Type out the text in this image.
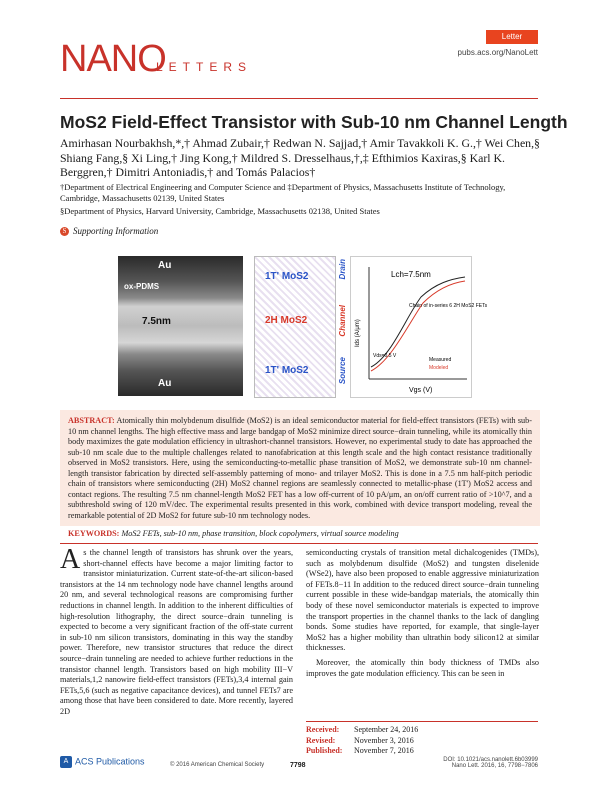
NANO
LETTERS
Letter
pubs.acs.org/NanoLett
MoS2 Field-Effect Transistor with Sub-10 nm Channel Length
Amirhasan Nourbakhsh,*,† Ahmad Zubair,† Redwan N. Sajjad,† Amir Tavakkoli K. G.,† Wei Chen,§ Shiang Fang,§ Xi Ling,† Jing Kong,† Mildred S. Dresselhaus,†,‡ Efthimios Kaxiras,§ Karl K. Berggren,† Dimitri Antoniadis,† and Tomás Palacios†
†Department of Electrical Engineering and Computer Science and ‡Department of Physics, Massachusetts Institute of Technology, Cambridge, Massachusetts 02139, United States
§Department of Physics, Harvard University, Cambridge, Massachusetts 02138, United States
S Supporting Information
Au
ox-PDMS
7.5nm
Au
1T' MoS2
2H MoS2
1T' MoS2
Drain
Channel
Source
Lch=7.5nm
Chain of in-series 6 2H MoS2 FETs
Vds=0.5 V
Measured
Modeled
Vgs (V)
Ids (A/μm)

ABSTRACT: Atomically thin molybdenum disulfide (MoS2) is an ideal semiconductor material for field-effect transistors (FETs) with sub-10 nm channel lengths. The high effective mass and large bandgap of MoS2 minimize direct source−drain tunneling, while its atomically thin body maximizes the gate modulation efficiency in ultrashort-channel transistors. However, no experimental study to date has approached the sub-10 nm scale due to the multiple challenges related to nanofabrication at this length scale and the high contact resistance traditionally observed in MoS2 transistors. Here, using the semiconducting-to-metallic phase transition of MoS2, we demonstrate sub-10 nm channel-length transistor fabrication by directed self-assembly patterning of mono- and trilayer MoS2. This is done in a 7.5 nm half-pitch periodic chain of transistors where semiconducting (2H) MoS2 channel regions are seamlessly connected to metallic-phase (1T') MoS2 access and contact regions. The resulting 7.5 nm channel-length MoS2 FET has a low off-current of 10 pA/μm, an on/off current ratio of >10^7, and a subthreshold swing of 120 mV/dec. The experimental results presented in this work, combined with device transport modeling, reveal the remarkable potential of 2D MoS2 for future sub-10 nm technology nodes.

KEYWORDS: MoS2 FETs, sub-10 nm, phase transition, block copolymers, virtual source modeling

As the channel length of transistors has shrunk over the years, short-channel effects have become a major limiting factor to transistor miniaturization. Current state-of-the-art silicon-based transistors at the 14 nm technology node have channel lengths around 20 nm, and several technological reasons are compromising further reductions in channel length. In addition to the inherent difficulties of high-resolution lithography, the direct source−drain tunneling is expected to become a very significant fraction of the off-state current in sub-10 nm silicon transistors, dominating in this way the standby power. Therefore, new transistor structures that reduce the direct source−drain tunneling are needed to achieve further reductions in the transistor channel length. Transistors based on high mobility III−V materials,1,2 nanowire field-effect transistors (FETs),3,4 internal gain FETs,5,6 (such as negative capacitance devices), and tunnel FETs7 are among those that have been considered to date. More recently, layered 2D

semiconducting crystals of transition metal dichalcogenides (TMDs), such as molybdenum disulfide (MoS2) and tungsten diselenide (WSe2), have also been proposed to enable aggressive miniaturization of FETs.8−11 In addition to the reduced direct source−drain tunneling current possible in these wide-bandgap materials, the atomically thin body of these novel semiconductor materials is expected to improve the transport properties in the channel thanks to the lack of dangling bonds. Some studies have reported, for example, that single-layer MoS2 has a higher mobility than ultrathin body silicon12 at similar thicknesses.

Moreover, the atomically thin body thickness of TMDs also improves the gate modulation efficiency. This can be seen in

Received: September 24, 2016
Revised: November 3, 2016
Published: November 7, 2016
A ACS Publications	© 2016 American Chemical Society	7798
DOI: 10.1021/acs.nanolett.6b03999
Nano Lett. 2016, 16, 7798−7806
